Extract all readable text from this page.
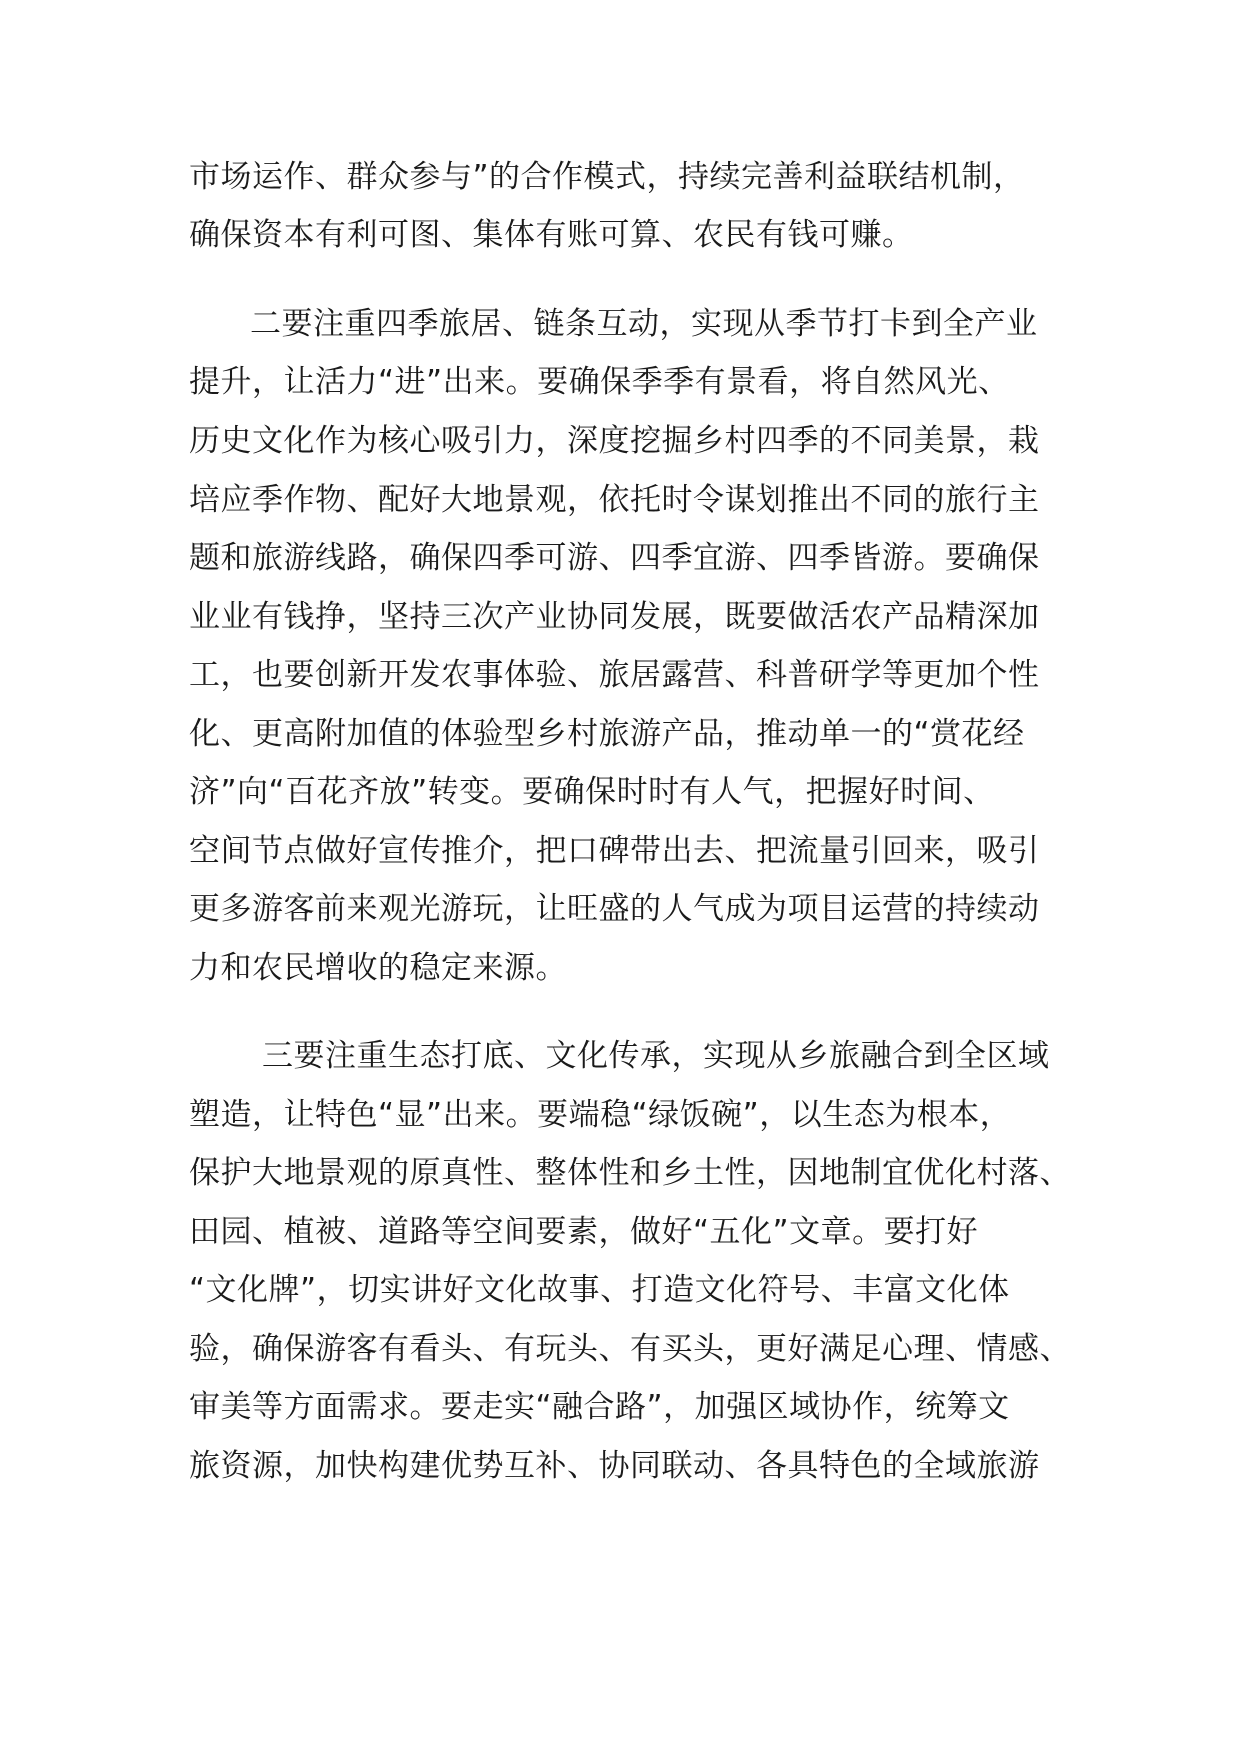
市场运作、群众参与”的合作模式，持续完善利益联结机制，
确保资本有利可图、集体有账可算、农民有钱可赚。
二要注重四季旅居、链条互动，实现从季节打卡到全产业
提升，让活力“进”出来。要确保季季有景看，将自然风光、
历史文化作为核心吸引力，深度挖掘乡村四季的不同美景，栽
培应季作物、配好大地景观，依托时令谋划推出不同的旅行主
题和旅游线路，确保四季可游、四季宜游、四季皆游。要确保
业业有钱挣，坚持三次产业协同发展，既要做活农产品精深加
工，也要创新开发农事体验、旅居露营、科普研学等更加个性
化、更高附加值的体验型乡村旅游产品，推动单一的“赏花经
济”向“百花齐放”转变。要确保时时有人气，把握好时间、
空间节点做好宣传推介，把口碑带出去、把流量引回来，吸引
更多游客前来观光游玩，让旺盛的人气成为项目运营的持续动
力和农民增收的稳定来源。
三要注重生态打底、文化传承，实现从乡旅融合到全区域
塑造，让特色“显”出来。要端稳“绿饭碗”，以生态为根本，
保护大地景观的原真性、整体性和乡土性，因地制宜优化村落、
田园、植被、道路等空间要素，做好“五化”文章。要打好
“文化牌”，切实讲好文化故事、打造文化符号、丰富文化体
验，确保游客有看头、有玩头、有买头，更好满足心理、情感、
审美等方面需求。要走实“融合路”，加强区域协作，统筹文
旅资源，加快构建优势互补、协同联动、各具特色的全域旅游
